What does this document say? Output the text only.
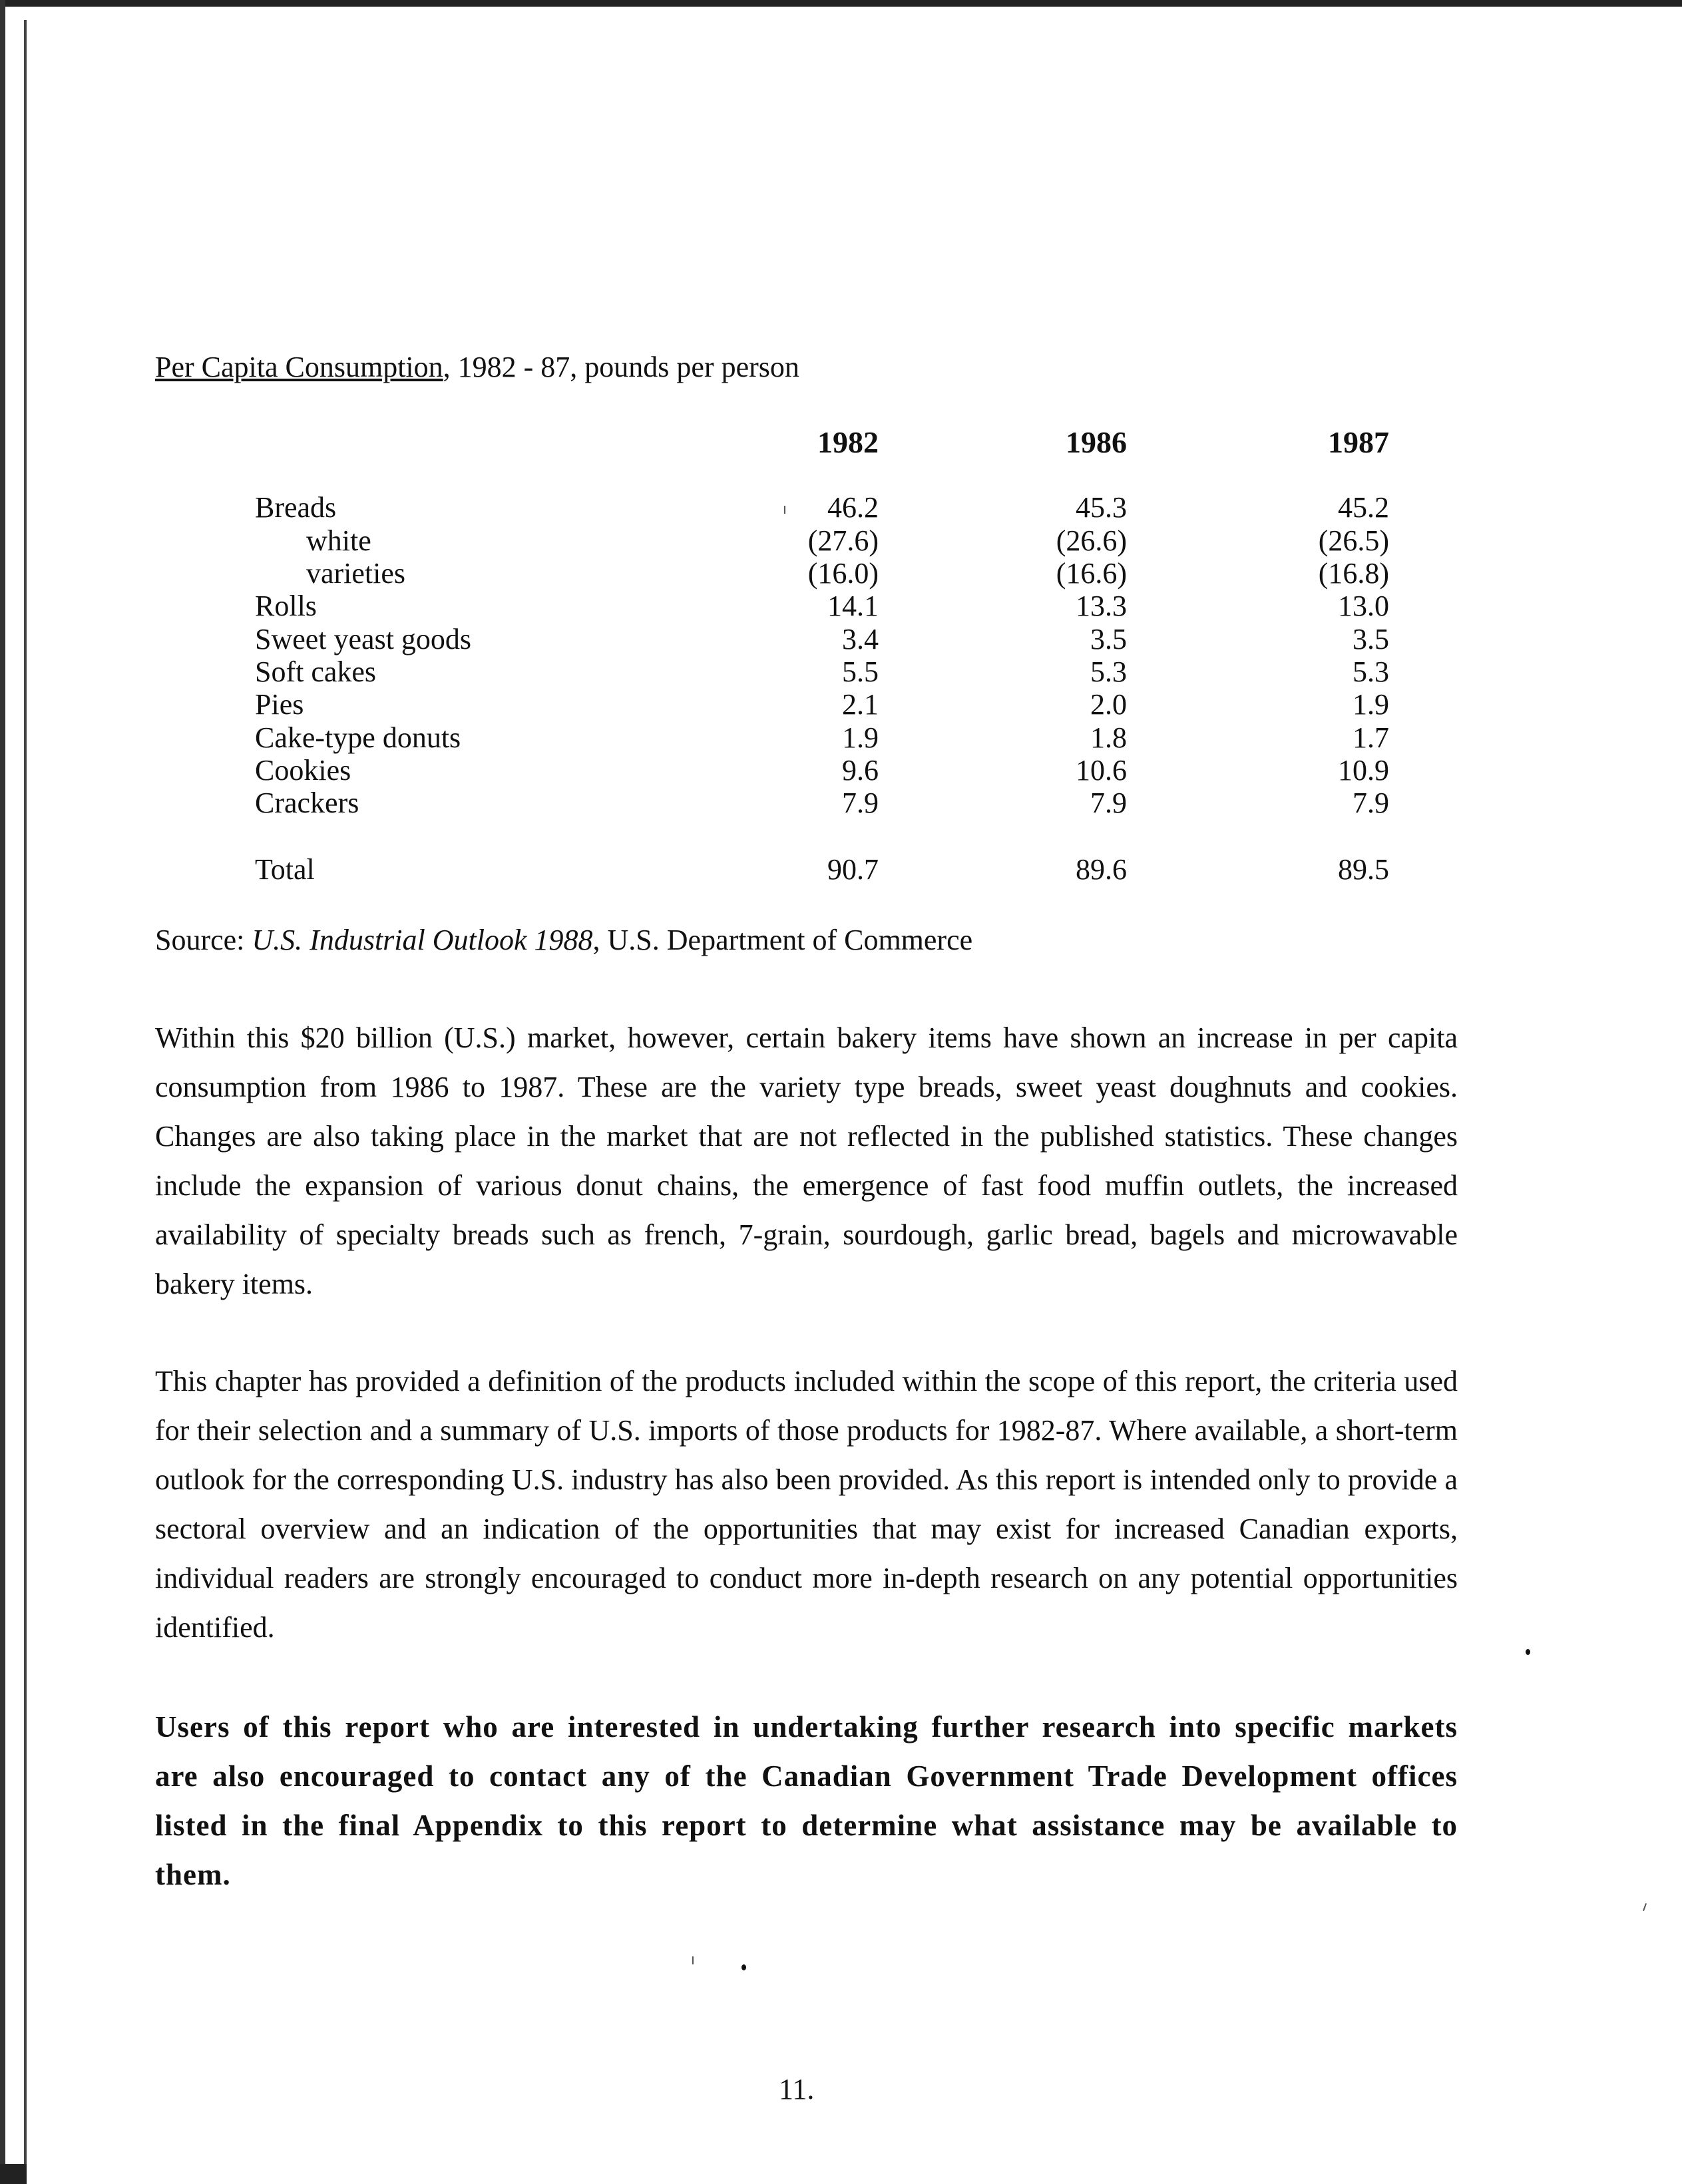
Per Capita Consumption, 1982 - 87, pounds per person
1982	1986	1987
Breads	46.2	45.3	45.2
white	(27.6)	(26.6)	(26.5)
varieties	(16.0)	(16.6)	(16.8)
Rolls	14.1	13.3	13.0
Sweet yeast goods	3.4	3.5	3.5
Soft cakes	5.5	5.3	5.3
Pies	2.1	2.0	1.9
Cake-type donuts	1.9	1.8	1.7
Cookies	9.6	10.6	10.9
Crackers	7.9	7.9	7.9
Total	90.7	89.6	89.5
Source: U.S. Industrial Outlook 1988, U.S. Department of Commerce
Within this $20 billion (U.S.) market, however, certain bakery items have shown an increase in per capita consumption from 1986 to 1987. These are the variety type breads, sweet yeast doughnuts and cookies. Changes are also taking place in the market that are not reflected in the published statistics. These changes include the expansion of various donut chains, the emergence of fast food muffin outlets, the increased availability of specialty breads such as french, 7-grain, sourdough, garlic bread, bagels and microwavable bakery items.
This chapter has provided a definition of the products included within the scope of this report, the criteria used for their selection and a summary of U.S. imports of those products for 1982-87. Where available, a short-term outlook for the corresponding U.S. industry has also been provided. As this report is intended only to provide a sectoral overview and an indication of the opportunities that may exist for increased Canadian exports, individual readers are strongly encouraged to conduct more in-depth research on any potential opportunities identified.
Users of this report who are interested in undertaking further research into specific markets are also encouraged to contact any of the Canadian Government Trade Development offices listed in the final Appendix to this report to determine what assistance may be available to them.
11.
